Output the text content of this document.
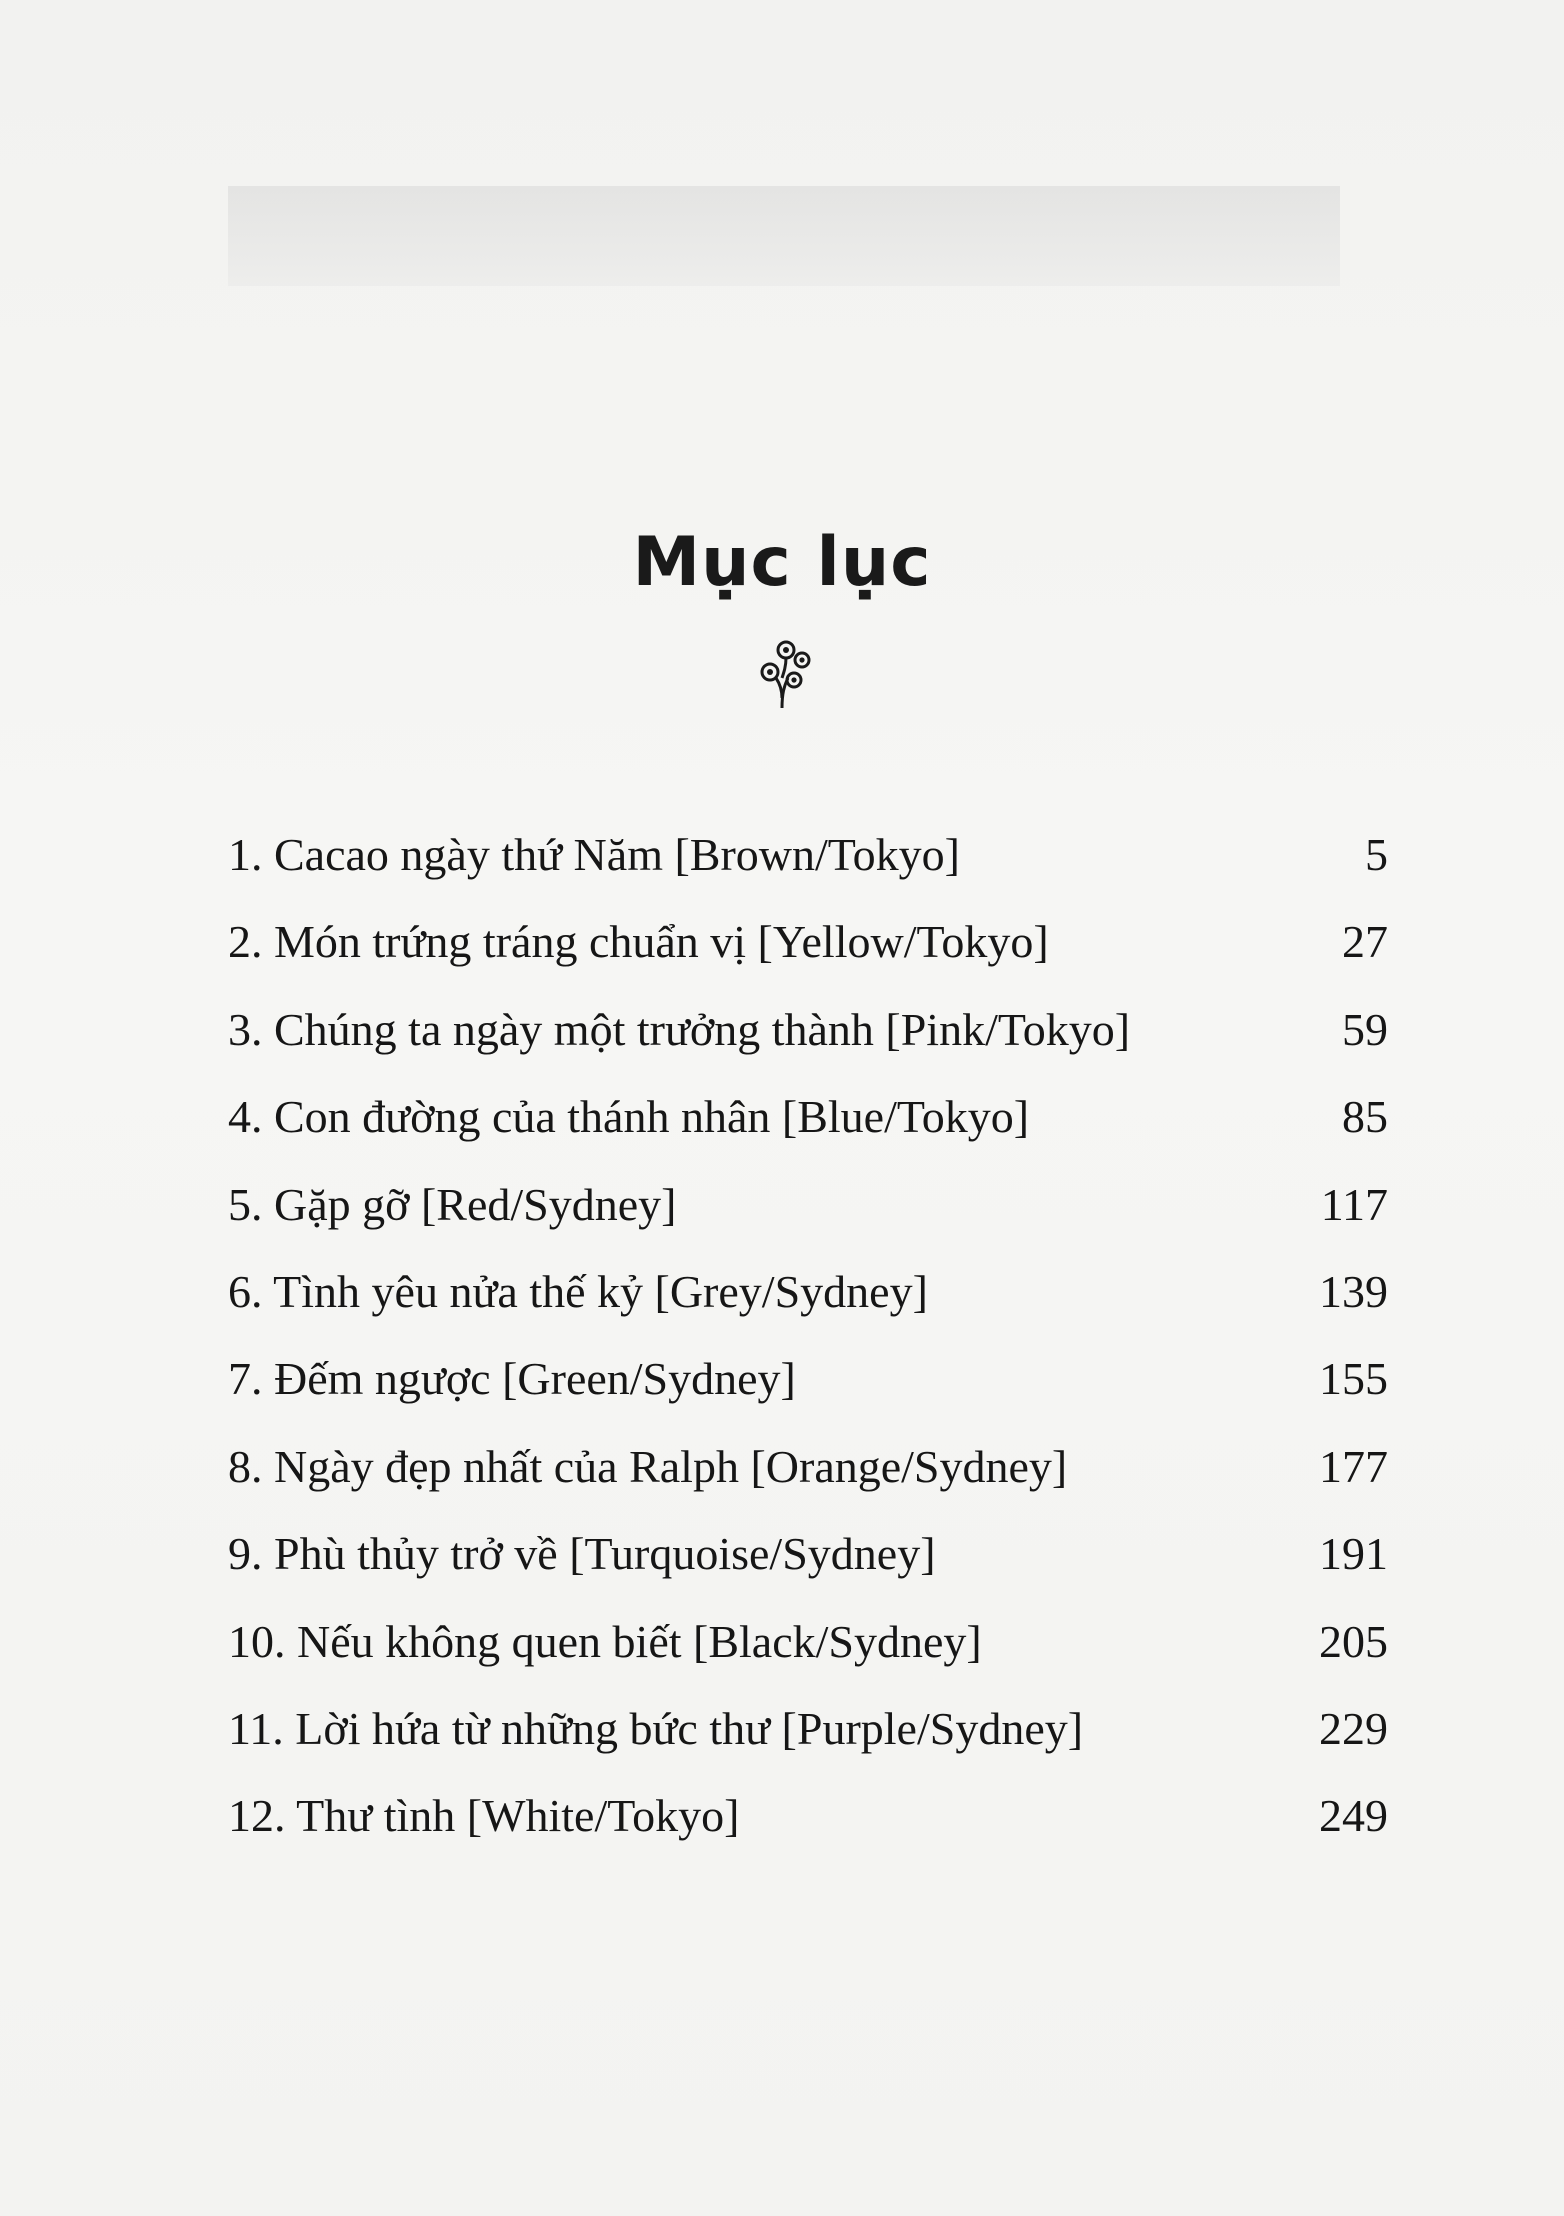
Mục lục
1. Cacao ngày thứ Năm [Brown/Tokyo]	5
2. Món trứng tráng chuẩn vị [Yellow/Tokyo]	27
3. Chúng ta ngày một trưởng thành [Pink/Tokyo]	59
4. Con đường của thánh nhân [Blue/Tokyo]	85
5. Gặp gỡ [Red/Sydney]	117
6. Tình yêu nửa thế kỷ [Grey/Sydney]	139
7. Đếm ngược [Green/Sydney]	155
8. Ngày đẹp nhất của Ralph [Orange/Sydney]	177
9. Phù thủy trở về [Turquoise/Sydney]	191
10. Nếu không quen biết [Black/Sydney]	205
11. Lời hứa từ những bức thư [Purple/Sydney]	229
12. Thư tình [White/Tokyo]	249
